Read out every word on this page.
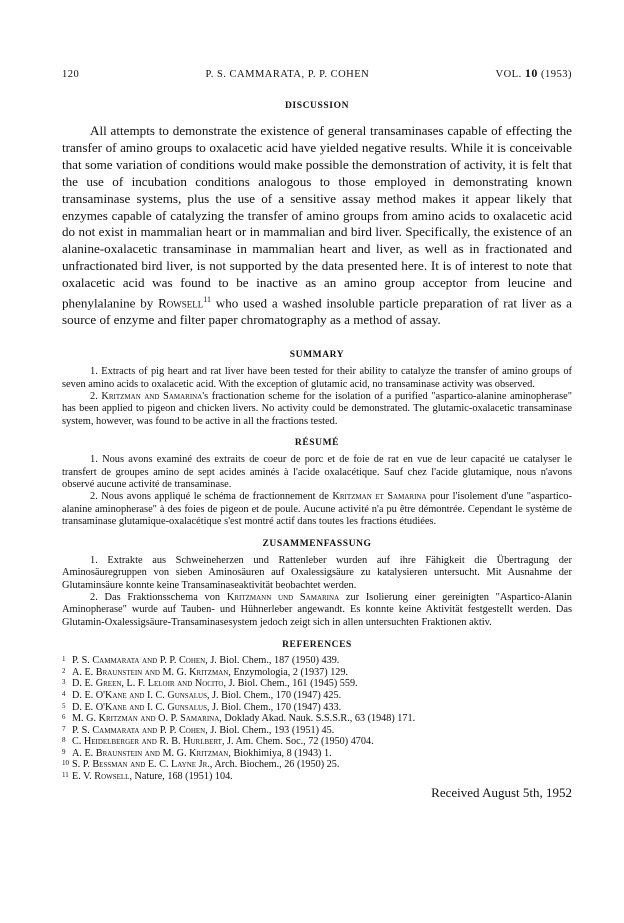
120	P. S. CAMMARATA, P. P. COHEN	VOL. 10 (1953)
DISCUSSION

All attempts to demonstrate the existence of general transaminases capable of effecting the transfer of amino groups to oxalacetic acid have yielded negative results. While it is conceivable that some variation of conditions would make possible the demonstration of activity, it is felt that the use of incubation conditions analogous to those employed in demonstrating known transaminase systems, plus the use of a sensitive assay method makes it appear likely that enzymes capable of catalyzing the transfer of amino groups from amino acids to oxalacetic acid do not exist in mammalian heart or in mammalian and bird liver. Specifically, the existence of an alanine-oxalacetic transaminase in mammalian heart and liver, as well as in fractionated and unfractionated bird liver, is not supported by the data presented here. It is of interest to note that oxalacetic acid was found to be inactive as an amino group acceptor from leucine and phenylalanine by Rowsell$^{11}$ who used a washed insoluble particle preparation of rat liver as a source of enzyme and filter paper chromatography as a method of assay.

SUMMARY

1. Extracts of pig heart and rat liver have been tested for their ability to catalyze the transfer of amino groups of seven amino acids to oxalacetic acid. With the exception of glutamic acid, no transaminase activity was observed.

2. Kritzman and Samarina's fractionation scheme for the isolation of a purified "aspartico-alanine aminopherase" has been applied to pigeon and chicken livers. No activity could be demonstrated. The glutamic-oxalacetic transaminase system, however, was found to be active in all the fractions tested.

RÉSUMÉ

1. Nous avons examiné des extraits de coeur de porc et de foie de rat en vue de leur capacité ue catalyser le transfert de groupes amino de sept acides aminés à l'acide oxalacétique. Sauf chez l'acide glutamique, nous n'avons observé aucune activité de transaminase.

2. Nous avons appliqué le schéma de fractionnement de Kritzman et Samarina pour l'isolement d'une "aspartico-alanine aminopherase" à des foies de pigeon et de poule. Aucune activité n'a pu être démontrée. Cependant le système de transaminase glutamique-oxalacétique s'est montré actif dans toutes les fractions étudiées.

ZUSAMMENFASSUNG

1. Extrakte aus Schweineherzen und Rattenleber wurden auf ihre Fähigkeit die Übertragung der Aminosäuregruppen von sieben Aminosäuren auf Oxalessigsäure zu katalysieren untersucht. Mit Ausnahme der Glutaminsäure konnte keine Transaminaseaktivität beobachtet werden.

2. Das Fraktionsschema von Kritzmann und Samarina zur Isolierung einer gereinigten "Aspartico-Alanin Aminopherase" wurde auf Tauben- und Hühnerleber angewandt. Es konnte keine Aktivität festgestellt werden. Das Glutamin-Oxalessigsäure-Transaminasesystem jedoch zeigt sich in allen untersuchten Fraktionen aktiv.

REFERENCES
1 P. S. Cammarata and P. P. Cohen, J. Biol. Chem., 187 (1950) 439.
2 A. E. Braunstein and M. G. Kritzman, Enzymologia, 2 (1937) 129.
3 D. E. Green, L. F. Leloir and Nocito, J. Biol. Chem., 161 (1945) 559.
4 D. E. O'Kane and I. C. Gunsalus, J. Biol. Chem., 170 (1947) 425.
5 D. E. O'Kane and I. C. Gunsalus, J. Biol. Chem., 170 (1947) 433.
6 M. G. Kritzman and O. P. Samarina, Doklady Akad. Nauk. S.S.S.R., 63 (1948) 171.
7 P. S. Cammarata and P. P. Cohen, J. Biol. Chem., 193 (1951) 45.
8 C. Heidelberger and R. B. Hurlbert, J. Am. Chem. Soc., 72 (1950) 4704.
9 A. E. Braunstein and M. G. Kritzman, Biokhimiya, 8 (1943) 1.
10 S. P. Bessman and E. C. Layne Jr., Arch. Biochem., 26 (1950) 25.
11 E. V. Rowsell, Nature, 168 (1951) 104.
Received August 5th, 1952
